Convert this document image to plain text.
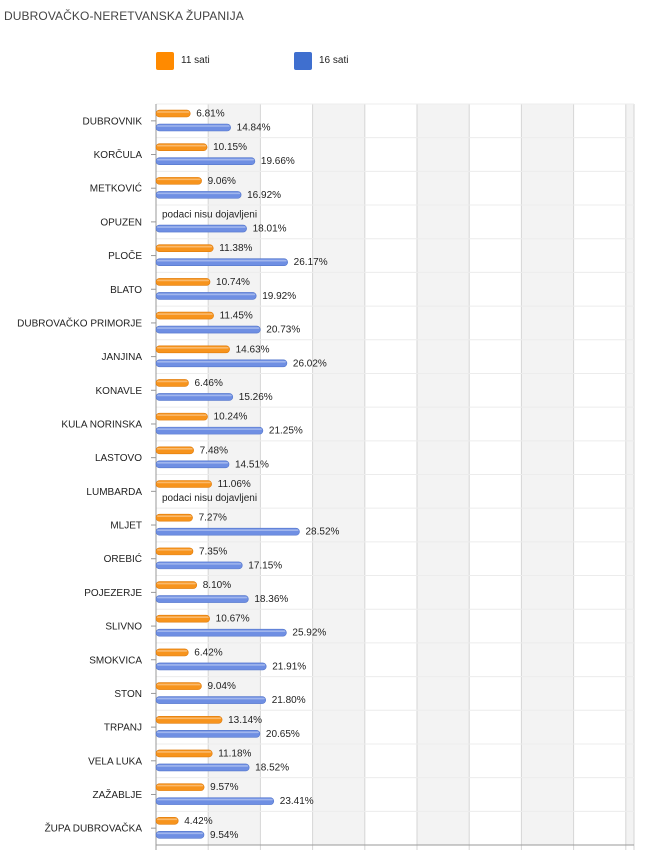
DUBROVAČKO-NERETVANSKA ŽUPANIJA
11 sati	16 sati
DUBROVNIK
6.81%
14.84%
KORČULA
10.15%
19.66%
METKOVIĆ
9.06%
16.92%
OPUZEN
podaci nisu dojavljeni
18.01%
PLOČE
11.38%
26.17%
BLATO
10.74%
19.92%
DUBROVAČKO PRIMORJE
11.45%
20.73%
JANJINA
14.63%
26.02%
KONAVLE
6.46%
15.26%
KULA NORINSKA
10.24%
21.25%
LASTOVO
7.48%
14.51%
LUMBARDA
11.06%
podaci nisu dojavljeni
MLJET
7.27%
28.52%
OREBIĆ
7.35%
17.15%
POJEZERJE
8.10%
18.36%
SLIVNO
10.67%
25.92%
SMOKVICA
6.42%
21.91%
STON
9.04%
21.80%
TRPANJ
13.14%
20.65%
VELA LUKA
11.18%
18.52%
ZAŽABLJE
9.57%
23.41%
ŽUPA DUBROVAČKA
4.42%
9.54%
